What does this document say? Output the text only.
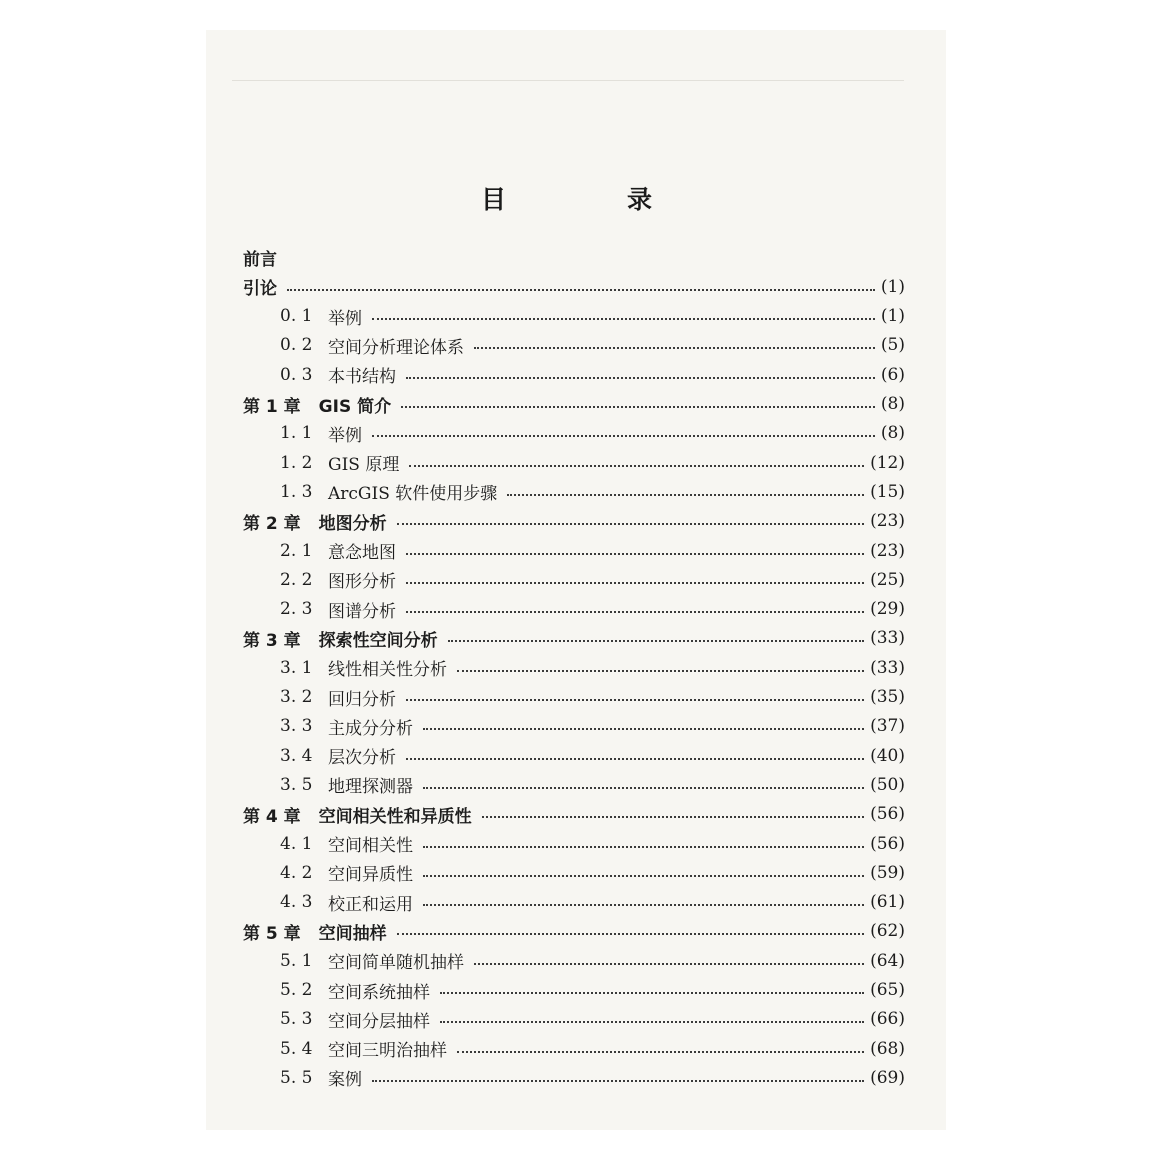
目　录
前言
引论	(1)
0. 1 举例	(1)
0. 2 空间分析理论体系	(5)
0. 3 本书结构	(6)
第 1 章 GIS 简介	(8)
1. 1 举例	(8)
1. 2 GIS 原理	(12)
1. 3 ArcGIS 软件使用步骤	(15)
第 2 章 地图分析	(23)
2. 1 意念地图	(23)
2. 2 图形分析	(25)
2. 3 图谱分析	(29)
第 3 章 探索性空间分析	(33)
3. 1 线性相关性分析	(33)
3. 2 回归分析	(35)
3. 3 主成分分析	(37)
3. 4 层次分析	(40)
3. 5 地理探测器	(50)
第 4 章 空间相关性和异质性	(56)
4. 1 空间相关性	(56)
4. 2 空间异质性	(59)
4. 3 校正和运用	(61)
第 5 章 空间抽样	(62)
5. 1 空间简单随机抽样	(64)
5. 2 空间系统抽样	(65)
5. 3 空间分层抽样	(66)
5. 4 空间三明治抽样	(68)
5. 5 案例	(69)
